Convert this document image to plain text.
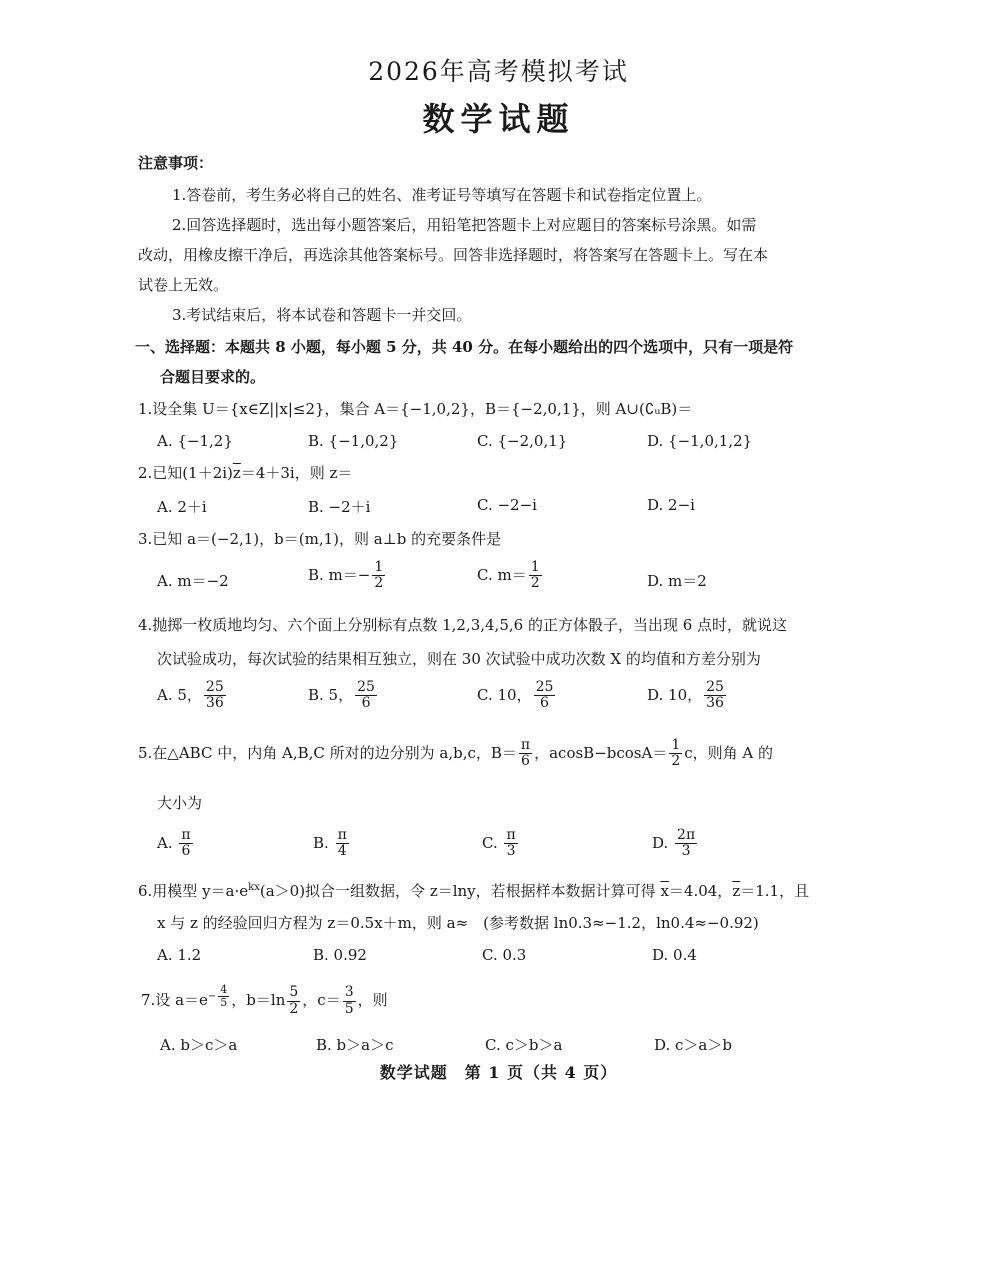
2026年高考模拟考试
数学试题
注意事项：
1.答卷前，考生务必将自己的姓名、准考证号等填写在答题卡和试卷指定位置上。
2.回答选择题时，选出每小题答案后，用铅笔把答题卡上对应题目的答案标号涂黑。如需
改动，用橡皮擦干净后，再选涂其他答案标号。回答非选择题时，将答案写在答题卡上。写在本
试卷上无效。
3.考试结束后，将本试卷和答题卡一并交回。
一、选择题：本题共 8 小题，每小题 5 分，共 40 分。在每小题给出的四个选项中，只有一项是符
合题目要求的。
1.设全集 U＝{x∈Z||x|≤2}，集合 A＝{−1,0,2}，B＝{−2,0,1}，则 A∪(∁ᵤB)＝
A. {−1,2}	B. {−1,0,2}	C. {−2,0,1}	D. {−1,0,1,2}
2.已知$(1+2i)\overline{z}=4+3i$，则 z＝
A. 2＋i	B. −2＋i	C. −2−i	D. 2−i
3.已知 a＝(−2,1)，b＝(m,1)，则 a⊥b 的充要条件是
A. m＝−2	B. $m=- \frac{1}{2}$	C. $m= \frac{1}{2}$	D. m＝2
4.抛掷一枚质地均匀、六个面上分别标有点数 1,2,3,4,5,6 的正方体骰子，当出现 6 点时，就说这
次试验成功，每次试验的结果相互独立，则在 30 次试验中成功次数 X 的均值和方差分别为
A. 5， $\frac{25}{36}$	B. 5， $\frac{25}{6}$	C. 10， $\frac{25}{6}$	D. 10， $\frac{25}{36}$
5.在△ABC 中，内角 A,B,C 所对的边分别为 a,b,c，$B= \frac{\pi}{6}$ ，$acosB-bcosA= \frac{1}{2}$ c，则角 A 的
大小为
A. $\frac{\pi}{6}$	B. $\frac{\pi}{4}$	C. $\frac{\pi}{3}$	D. $\frac{2\pi}{3}$
6.用模型 $y=a\cdot e^{kx}(a>0)$拟合一组数据，令 z＝lny，若根据样本数据计算可得 $\overline{x}=4.04$，$\overline{z}=1.1$，且
x 与 z 的经验回归方程为 z＝0.5x＋m，则 a≈　(参考数据 ln0.3≈−1.2，ln0.4≈−0.92)
A. 1.2	B. 0.92	C. 0.3	D. 0.4
7.设 $a=e^{- \frac{4}{5}}$ ，$b=\ln \frac{5}{2}$ ，$c= \frac{3}{5}$ ，则
A. b＞c＞a	B. b＞a＞c	C. c＞b＞a	D. c＞a＞b
数学试题　第 1 页（共 4 页）
